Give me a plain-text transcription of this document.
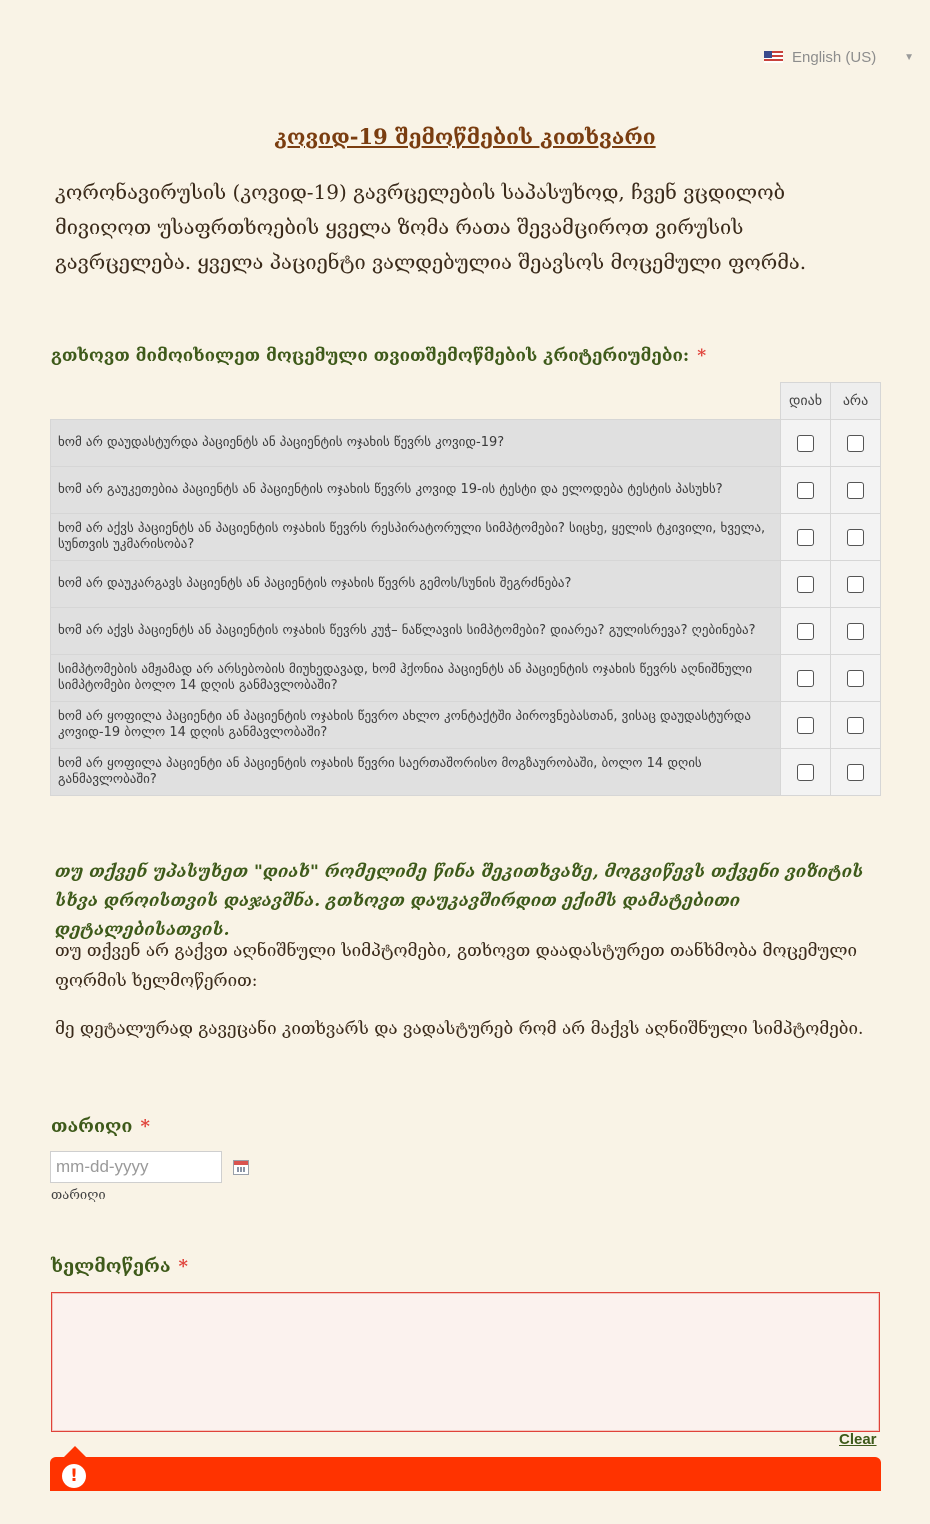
English (US)	▼
კოვიდ-19 შემოწმების კითხვარი
კორონავირუსის (კოვიდ-19) გავრცელების საპასუხოდ, ჩვენ ვცდილობ მივიღოთ უსაფრთხოების ყველა ზომა რათა შევამციროთ ვირუსის გავრცელება. ყველა პაციენტი ვალდებულია შეავსოს მოცემული ფორმა.
გთხოვთ მიმოიხილეთ მოცემული თვითშემოწმების კრიტერიუმები: *
	დიახ	არა
ხომ არ დაუდასტურდა პაციენტს ან პაციენტის ოჯახის წევრს კოვიდ-19?		
ხომ არ გაუკეთებია პაციენტს ან პაციენტის ოჯახის წევრს კოვიდ 19-ის ტესტი და ელოდება ტესტის პასუხს?		
ხომ არ აქვს პაციენტს ან პაციენტის ოჯახის წევრს რესპირატორული სიმპტომები? სიცხე, ყელის ტკივილი, ხველა, სუნთვის უკმარისობა?		
ხომ არ დაუკარგავს პაციენტს ან პაციენტის ოჯახის წევრს გემოს/სუნის შეგრძნება?		
ხომ არ აქვს პაციენტს ან პაციენტის ოჯახის წევრს კუჭ– ნაწლავის სიმპტომები? დიარეა? გულისრევა? ღებინება?		
სიმპტომების ამჟამად არ არსებობის მიუხედავად, ხომ ჰქონია პაციენტს ან პაციენტის ოჯახის წევრს აღნიშნული სიმპტომები ბოლო 14 დღის განმავლობაში?		
ხომ არ ყოფილა პაციენტი ან პაციენტის ოჯახის წევრო ახლო კონტაქტში პიროვნებასთან, ვისაც დაუდასტურდა კოვიდ-19 ბოლო 14 დღის განმავლობაში?		
ხომ არ ყოფილა პაციენტი ან პაციენტის ოჯახის წევრი საერთაშორისო მოგზაურობაში, ბოლო 14 დღის განმავლობაში?		
თუ თქვენ უპასუხეთ "დიახ" რომელიმე წინა შეკითხვაზე, მოგვიწევს თქვენი ვიზიტის სხვა დროისთვის დაჯავშნა. გთხოვთ დაუკავშირდით ექიმს დამატებითი დეტალებისათვის.
თუ თქვენ არ გაქვთ აღნიშნული სიმპტომები, გთხოვთ დაადასტურეთ თანხმობა მოცემული ფორმის ხელმოწერით:
მე დეტალურად გავეცანი კითხვარს და ვადასტურებ რომ არ მაქვს აღნიშნული სიმპტომები.
თარიღი *
mm-dd-yyyy
თარიღი
ხელმოწერა *
Clear
!
